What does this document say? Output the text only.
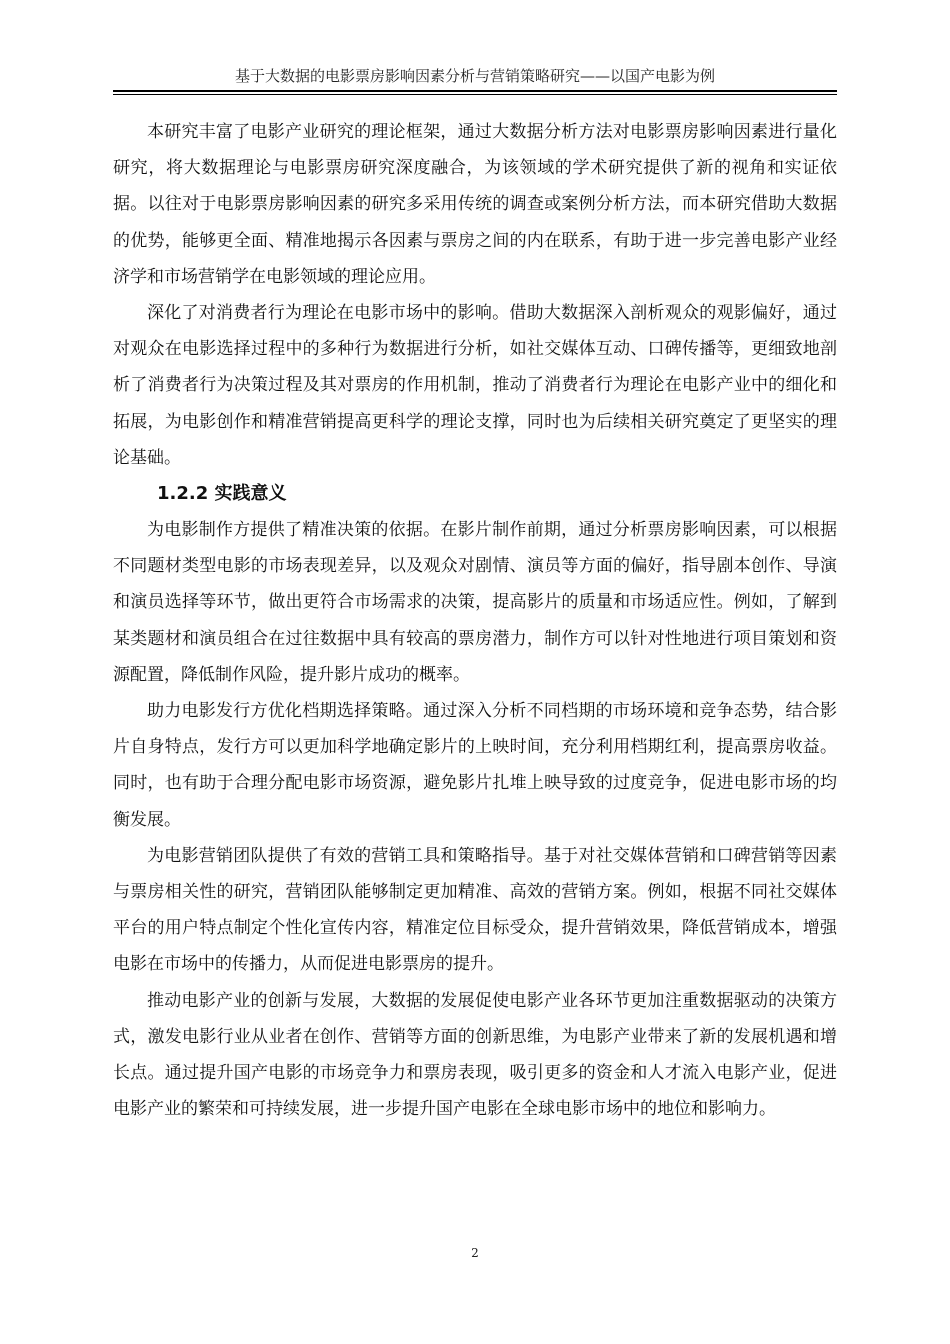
基于大数据的电影票房影响因素分析与营销策略研究——以国产电影为例

本研究丰富了电影产业研究的理论框架，通过大数据分析方法对电影票房影响因素进行量化研究，将大数据理论与电影票房研究深度融合，为该领域的学术研究提供了新的视角和实证依据。以往对于电影票房影响因素的研究多采用传统的调查或案例分析方法，而本研究借助大数据的优势，能够更全面、精准地揭示各因素与票房之间的内在联系，有助于进一步完善电影产业经济学和市场营销学在电影领域的理论应用。

深化了对消费者行为理论在电影市场中的影响。借助大数据深入剖析观众的观影偏好，通过对观众在电影选择过程中的多种行为数据进行分析，如社交媒体互动、口碑传播等，更细致地剖析了消费者行为决策过程及其对票房的作用机制，推动了消费者行为理论在电影产业中的细化和拓展，为电影创作和精准营销提高更科学的理论支撑，同时也为后续相关研究奠定了更坚实的理论基础。

1.2.2 实践意义

为电影制作方提供了精准决策的依据。在影片制作前期，通过分析票房影响因素，可以根据不同题材类型电影的市场表现差异，以及观众对剧情、演员等方面的偏好，指导剧本创作、导演和演员选择等环节，做出更符合市场需求的决策，提高影片的质量和市场适应性。例如，了解到某类题材和演员组合在过往数据中具有较高的票房潜力，制作方可以针对性地进行项目策划和资源配置，降低制作风险，提升影片成功的概率。

助力电影发行方优化档期选择策略。通过深入分析不同档期的市场环境和竞争态势，结合影片自身特点，发行方可以更加科学地确定影片的上映时间，充分利用档期红利，提高票房收益。同时，也有助于合理分配电影市场资源，避免影片扎堆上映导致的过度竞争，促进电影市场的均衡发展。

为电影营销团队提供了有效的营销工具和策略指导。基于对社交媒体营销和口碑营销等因素与票房相关性的研究，营销团队能够制定更加精准、高效的营销方案。例如，根据不同社交媒体平台的用户特点制定个性化宣传内容，精准定位目标受众，提升营销效果，降低营销成本，增强电影在市场中的传播力，从而促进电影票房的提升。

推动电影产业的创新与发展，大数据的发展促使电影产业各环节更加注重数据驱动的决策方式，激发电影行业从业者在创作、营销等方面的创新思维，为电影产业带来了新的发展机遇和增长点。通过提升国产电影的市场竞争力和票房表现，吸引更多的资金和人才流入电影产业，促进电影产业的繁荣和可持续发展，进一步提升国产电影在全球电影市场中的地位和影响力。

2
